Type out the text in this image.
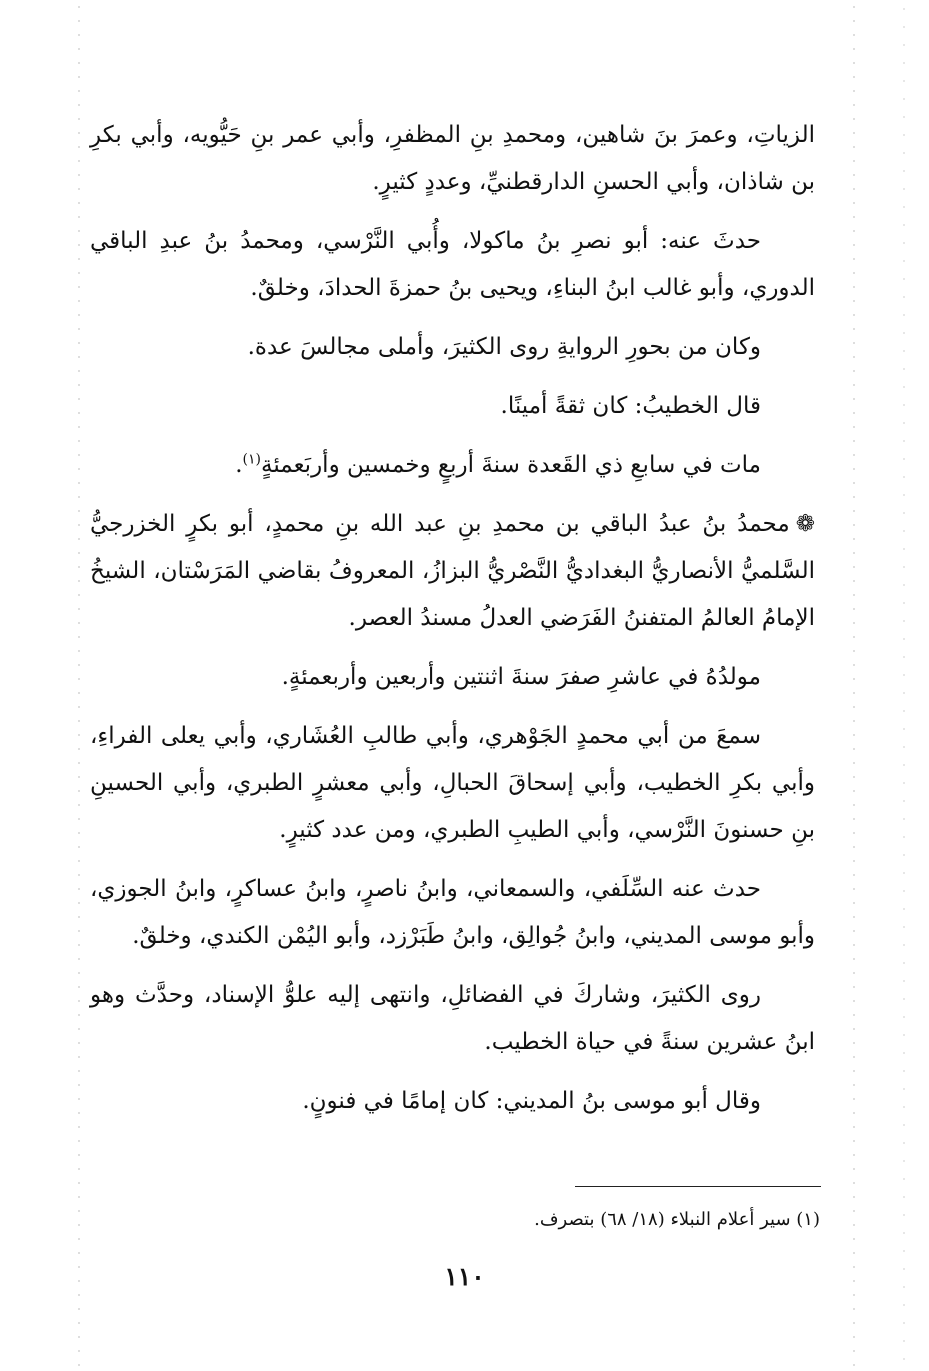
الزياتِ، وعمرَ بنَ شاهين، ومحمدِ بنِ المظفرِ، وأبي عمر بنِ حَيُّويه، وأبي بكرِ بن شاذان، وأبي الحسنِ الدارقطنيِّ، وعددٍ كثيرٍ.

حدثَ عنه: أبو نصرِ بنُ ماكولا، وأُبي النَّرْسي، ومحمدُ بنُ عبدِ الباقي الدوري، وأبو غالب ابنُ البناءِ، ويحيى بنُ حمزةَ الحدادَ، وخلقٌ.

وكان من بحورِ الروايةِ روى الكثيرَ، وأملى مجالسَ عدة.

قال الخطيبُ: كان ثقةً أمينًا.

مات في سابعِ ذي القَعدة سنةَ أربعٍ وخمسين وأربَعمئةٍ$^{(١)}$.

❁محمدُ بنُ عبدُ الباقي بن محمدِ بنِ عبد الله بنِ محمدٍ، أبو بكرٍ الخزرجيُّ السَّلميُّ الأنصاريُّ البغداديُّ النَّصْريُّ البزازُ، المعروفُ بقاضي المَرَسْتان، الشيخُ الإمامُ العالمُ المتفننُ الفَرَضي العدلُ مسندُ العصر.

مولدُهُ في عاشرِ صفرَ سنةَ اثنتين وأربعين وأربعمئةٍ.

سمعَ من أبي محمدٍ الجَوْهري، وأبي طالبِ العُشَاري، وأبي يعلى الفراءِ، وأبي بكرِ الخطيب، وأبي إسحاقَ الحبالِ، وأبي معشرٍ الطبري، وأبي الحسينِ بنِ حسنونَ النَّرْسي، وأبي الطيبِ الطبري، ومن عدد كثيرٍ.

حدث عنه السِّلَفي، والسمعاني، وابنُ ناصرٍ، وابنُ عساكرٍ، وابنُ الجوزي، وأبو موسى المديني، وابنُ جُوالِق، وابنُ طَبَرْزد، وأبو اليُمْن الكندي، وخلقٌ.

روى الكثيرَ، وشاركَ في الفضائلِ، وانتهى إليه علوُّ الإسناد، وحدَّث وهو ابنُ عشرين سنةً في حياة الخطيب.

وقال أبو موسى بنُ المديني: كان إمامًا في فنونٍ.

(١) سير أعلام النبلاء (١٨/ ٦٨) بتصرف.
١١٠
